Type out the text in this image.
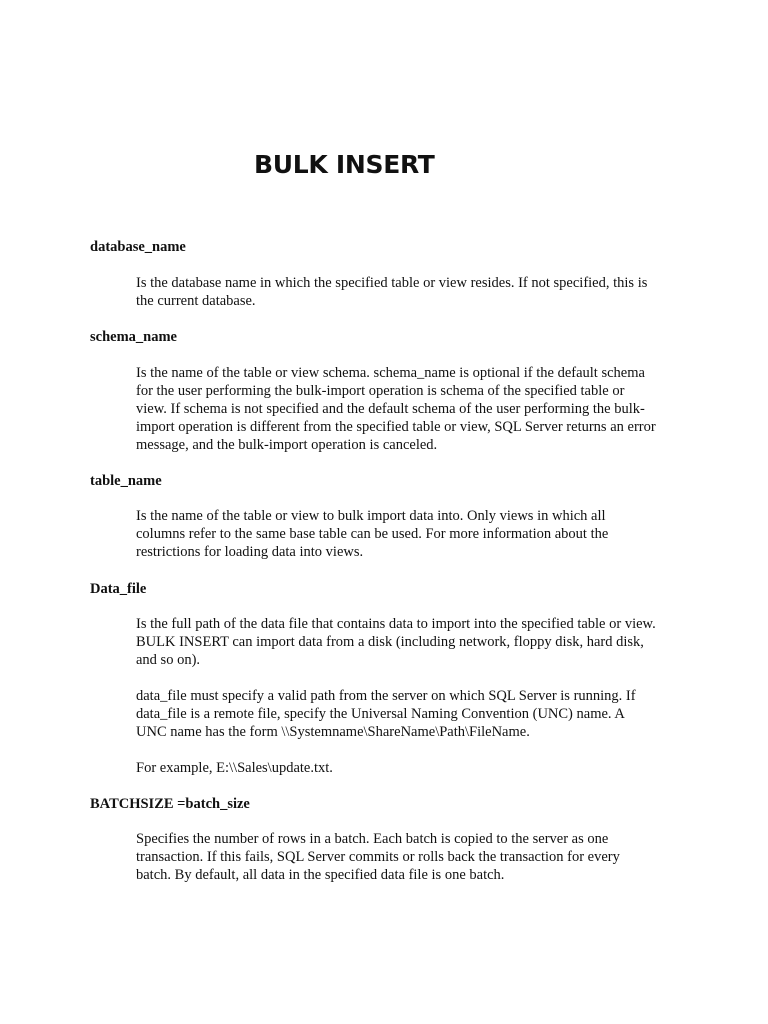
BULK INSERT
database_name

Is the database name in which the specified table or view resides. If not specified, this is
the current database.

schema_name

Is the name of the table or view schema. schema_name is optional if the default schema
for the user performing the bulk-import operation is schema of the specified table or
view. If schema is not specified and the default schema of the user performing the bulk-
import operation is different from the specified table or view, SQL Server returns an error
message, and the bulk-import operation is canceled.

table_name

Is the name of the table or view to bulk import data into. Only views in which all
columns refer to the same base table can be used. For more information about the
restrictions for loading data into views.

Data_file

Is the full path of the data file that contains data to import into the specified table or view.
BULK INSERT can import data from a disk (including network, floppy disk, hard disk,
and so on).

data_file must specify a valid path from the server on which SQL Server is running. If
data_file is a remote file, specify the Universal Naming Convention (UNC) name. A
UNC name has the form \\Systemname\ShareName\Path\FileName.

For example, E:\\Sales\update.txt.

BATCHSIZE =batch_size

Specifies the number of rows in a batch. Each batch is copied to the server as one
transaction. If this fails, SQL Server commits or rolls back the transaction for every
batch. By default, all data in the specified data file is one batch.
